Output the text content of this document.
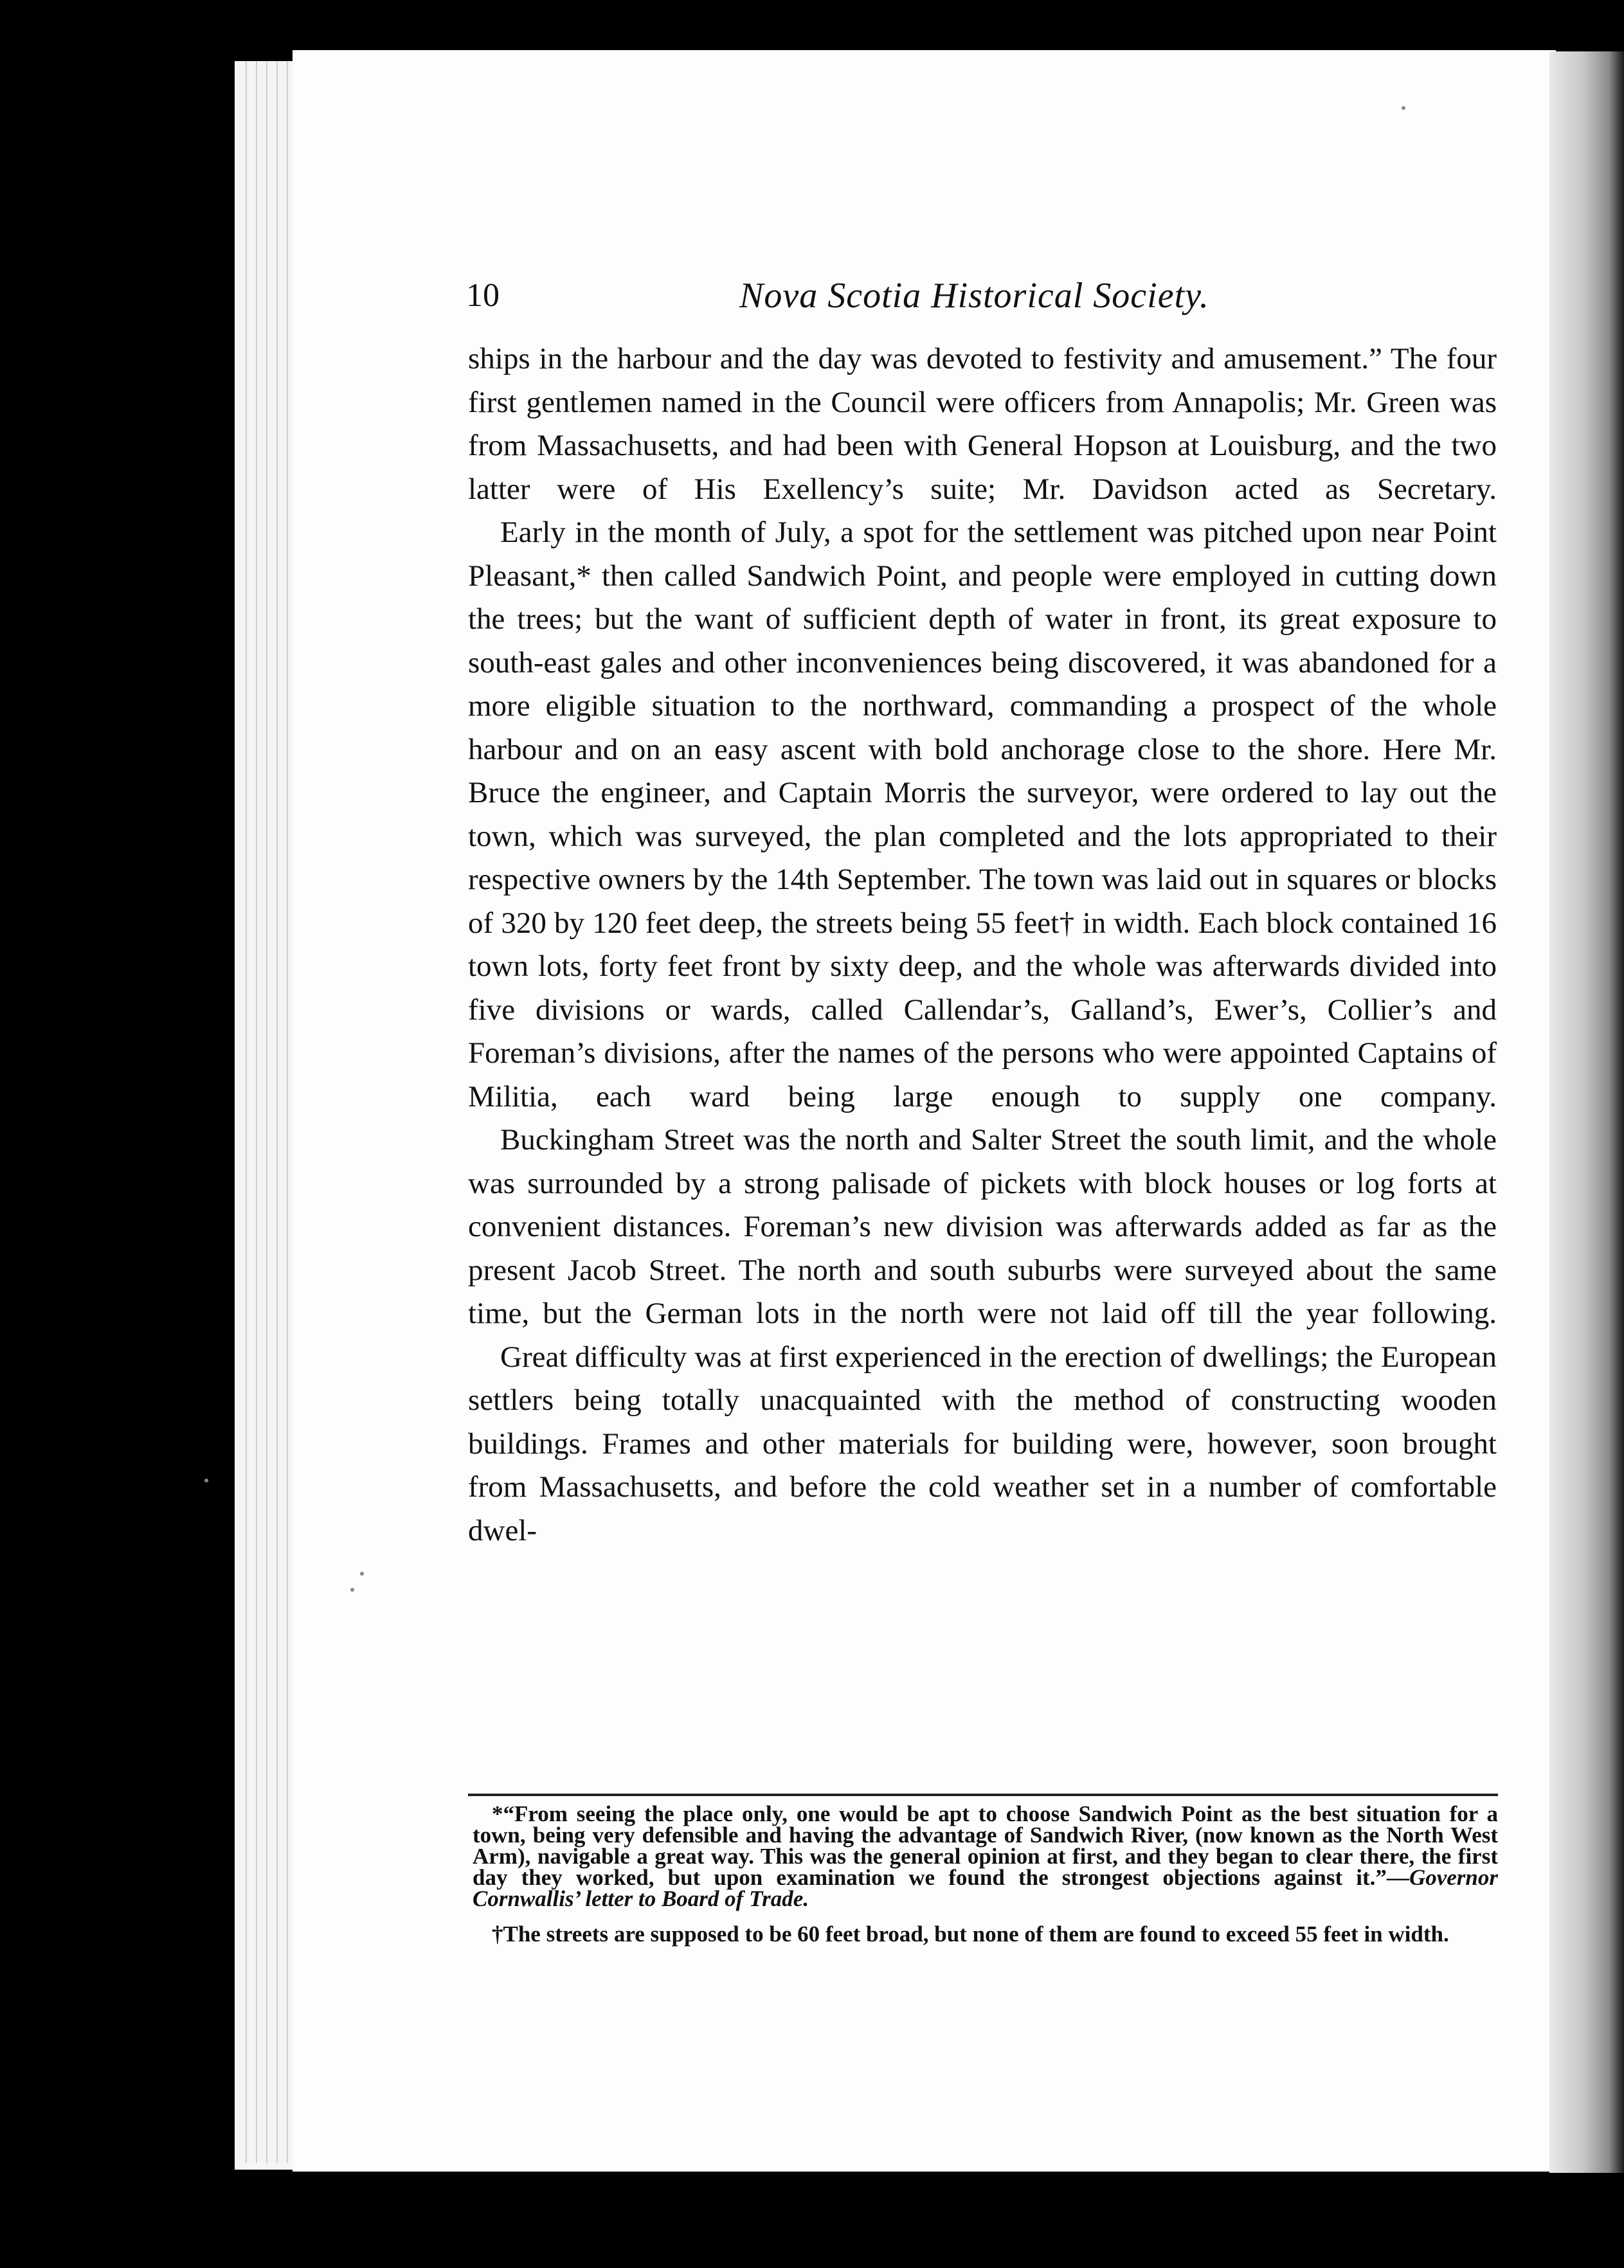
10	Nova Scotia Historical Society.

ships in the harbour and the day was devoted to festivity and amusement.” The four first gentlemen named in the Council were officers from Annapolis; Mr. Green was from Massachusetts, and had been with General Hopson at Louisburg, and the two latter were of His Exellency’s suite; Mr. Davidson acted as Secretary.

Early in the month of July, a spot for the settlement was pitched upon near Point Pleasant,* then called Sandwich Point, and people were employed in cutting down the trees; but the want of sufficient depth of water in front, its great exposure to south-east gales and other inconveniences being discovered, it was abandoned for a more eligible situation to the northward, commanding a prospect of the whole harbour and on an easy ascent with bold anchorage close to the shore. Here Mr. Bruce the engineer, and Captain Morris the surveyor, were ordered to lay out the town, which was surveyed, the plan completed and the lots appropriated to their respective owners by the 14th September. The town was laid out in squares or blocks of 320 by 120 feet deep, the streets being 55 feet† in width. Each block contained 16 town lots, forty feet front by sixty deep, and the whole was afterwards divided into five divisions or wards, called Callendar’s, Galland’s, Ewer’s, Collier’s and Foreman’s divisions, after the names of the persons who were appointed Captains of Militia, each ward being large enough to supply one company.

Buckingham Street was the north and Salter Street the south limit, and the whole was surrounded by a strong palisade of pickets with block houses or log forts at convenient distances. Foreman’s new division was afterwards added as far as the present Jacob Street. The north and south suburbs were surveyed about the same time, but the German lots in the north were not laid off till the year following.

Great difficulty was at first experienced in the erection of dwellings; the European settlers being totally unacquainted with the method of constructing wooden buildings. Frames and other materials for building were, however, soon brought from Massachusetts, and before the cold weather set in a number of comfortable dwel-

*“From seeing the place only, one would be apt to choose Sandwich Point as the best situation for a town, being very defensible and having the advantage of Sandwich River, (now known as the North West Arm), navigable a great way. This was the general opinion at first, and they began to clear there, the first day they worked, but upon examination we found the strongest objections against it.”—Governor Cornwallis’ letter to Board of Trade.

†The streets are supposed to be 60 feet broad, but none of them are found to exceed 55 feet in width.
